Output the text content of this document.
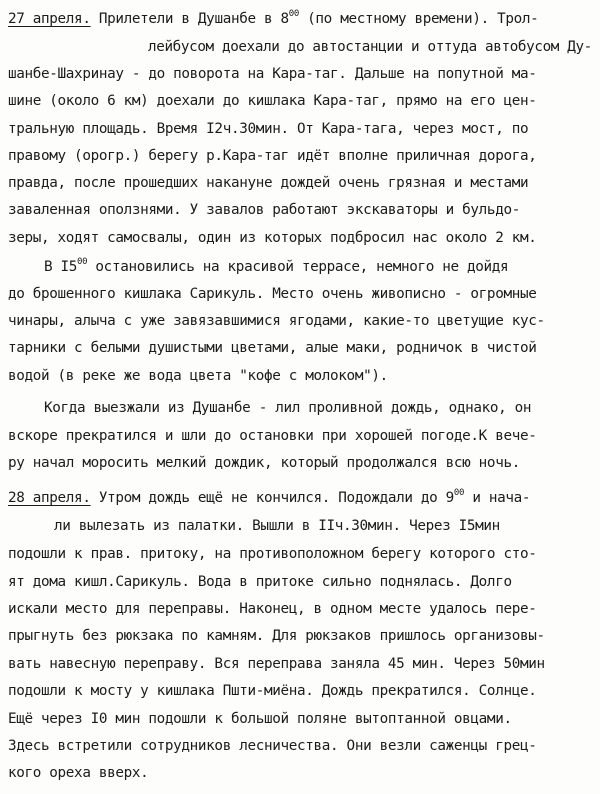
27 апреля. Прилетели в Душанбе в $8^{00}$ (по местному времени). Трол-
лейбусом доехали до автостанции и оттуда автобусом Ду-
шанбе-Шахринау - до поворота на Кара-таг. Дальше на попутной ма-
шине (около 6 км) доехали до кишлака Кара-таг, прямо на его цен-
тральную площадь. Время I2ч.30мин. От Кара-тага, через мост, по
правому (орогр.) берегу р.Кара-таг идёт вполне приличная дорога,
правда, после прошедших накануне дождей очень грязная и местами
заваленная оползнями. У завалов работают экскаваторы и бульдо-
зеры, ходят самосвалы, один из которых подбросил нас около 2 км.
В $I5^{00}$ остановились на красивой террасе, немного не дойдя
до брошенного кишлака Сарикуль. Место очень живописно - огромные
чинары, алыча с уже завязавшимися ягодами, какие-то цветущие кус-
тарники с белыми душистыми цветами, алые маки, родничок в чистой
водой (в реке же вода цвета "кофе с молоком").
Когда выезжали из Душанбе - лил проливной дождь, однако, он
вскоре прекратился и шли до остановки при хорошей погоде.К вече-
ру начал моросить мелкий дождик, который продолжался всю ночь.
28 апреля. Утром дождь ещё не кончился. Подождали до $9^{00}$ и нача-
ли вылезать из палатки. Вышли в IIч.30мин. Через I5мин
подошли к прав. притоку, на противоположном берегу которого сто-
ят дома кишл.Сарикуль. Вода в притоке сильно поднялась. Долго
искали место для переправы. Наконец, в одном месте удалось пере-
прыгнуть без рюкзака по камням. Для рюкзаков пришлось организовы-
вать навесную переправу. Вся переправа заняла 45 мин. Через 50мин
подошли к мосту у кишлака Пшти-миёна. Дождь прекратился. Солнце.
Ещё через I0 мин подошли к большой поляне вытоптанной овцами.
Здесь встретили сотрудников лесничества. Они везли саженцы грец-
кого ореха вверх.
